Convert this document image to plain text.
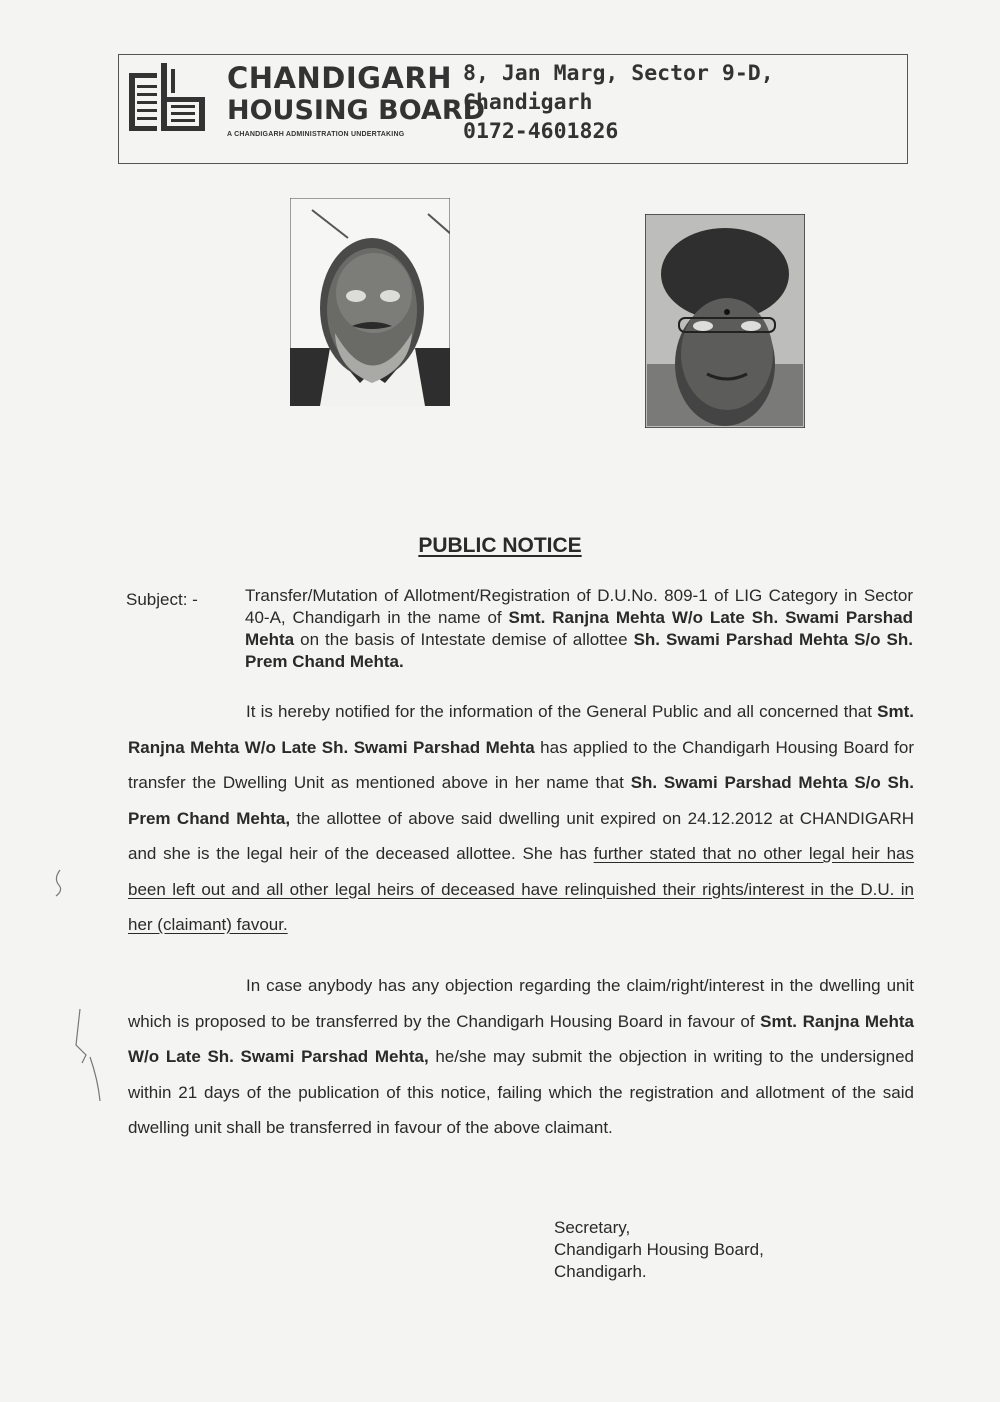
CHANDIGARH
HOUSING BOARD
A CHANDIGARH ADMINISTRATION UNDERTAKING
8, Jan Marg, Sector 9-D,
Chandigarh
0172-4601826
PUBLIC NOTICE
Subject: -	Transfer/Mutation of Allotment/Registration of D.U.No. 809-1 of LIG Category in Sector 40-A, Chandigarh in the name of Smt. Ranjna Mehta W/o Late Sh. Swami Parshad Mehta on the basis of Intestate demise of allottee Sh. Swami Parshad Mehta S/o Sh. Prem Chand Mehta.
It is hereby notified for the information of the General Public and all concerned that Smt. Ranjna Mehta W/o Late Sh. Swami Parshad Mehta has applied to the Chandigarh Housing Board for transfer the Dwelling Unit as mentioned above in her name that Sh. Swami Parshad Mehta S/o Sh. Prem Chand Mehta, the allottee of above said dwelling unit expired on 24.12.2012 at CHANDIGARH and she is the legal heir of the deceased allottee. She has further stated that no other legal heir has been left out and all other legal heirs of deceased have relinquished their rights/interest in the D.U. in her (claimant) favour.
In case anybody has any objection regarding the claim/right/interest in the dwelling unit which is proposed to be transferred by the Chandigarh Housing Board in favour of Smt. Ranjna Mehta W/o Late Sh. Swami Parshad Mehta, he/she may submit the objection in writing to the undersigned within 21 days of the publication of this notice, failing which the registration and allotment of the said dwelling unit shall be transferred in favour of the above claimant.
Secretary,
Chandigarh Housing Board,
Chandigarh.
